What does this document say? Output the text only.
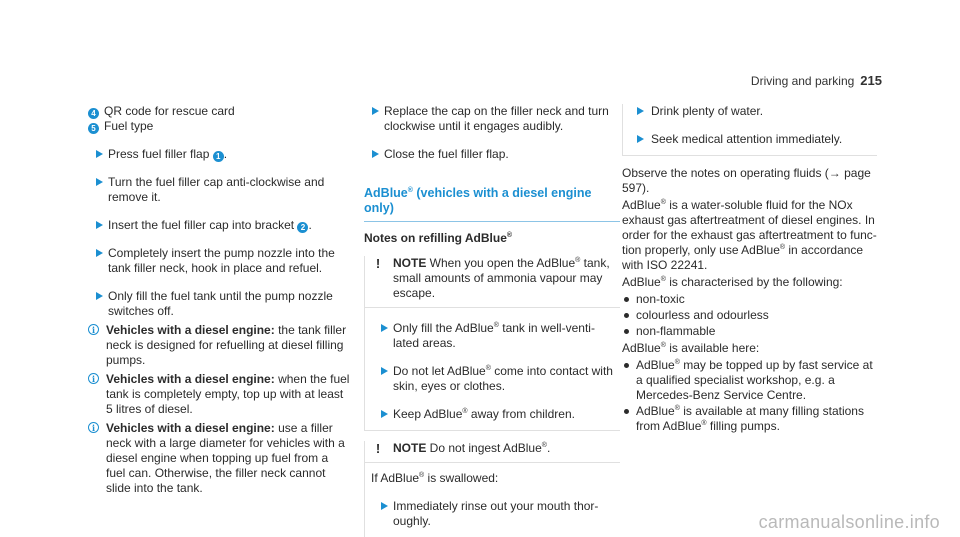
Driving and parking 215
4 QR code for rescue card
5 Fuel type
Press fuel filler flap 1 .
Turn the fuel filler cap anti-clockwise and remove it.
Insert the fuel filler cap into bracket 2 .
Completely insert the pump nozzle into the tank filler neck, hook in place and refuel.
Only fill the fuel tank until the pump nozzle switches off.
i Vehicles with a diesel engine: the tank filler neck is designed for refuelling at diesel filling pumps.
i Vehicles with a diesel engine: when the fuel tank is completely empty, top up with at least 5 litres of diesel.
i Vehicles with a diesel engine: use a filler neck with a large diameter for vehicles with a diesel engine when topping up fuel from a fuel can. Otherwise, the filler neck cannot slide into the tank.
Replace the cap on the filler neck and turn clockwise until it engages audibly.
Close the fuel filler flap.
AdBlue® (vehicles with a diesel engine only)
Notes on refilling AdBlue®
!	NOTE When you open the AdBlue® tank, small amounts of ammonia vapour may escape.
Only fill the AdBlue® tank in well-venti-lated areas.
Do not let AdBlue® come into contact with skin, eyes or clothes.
Keep AdBlue® away from children.
!	NOTE Do not ingest AdBlue®.
If AdBlue® is swallowed:
Immediately rinse out your mouth thor-oughly.
Drink plenty of water.
Seek medical attention immediately.
Observe the notes on operating fluids (→ page 597).
AdBlue® is a water-soluble fluid for the NOx exhaust gas aftertreatment of diesel engines. In order for the exhaust gas aftertreatment to func-tion properly, only use AdBlue® in accordance with ISO 22241.
AdBlue® is characterised by the following:
non-toxic
colourless and odourless
non-flammable
AdBlue® is available here:
AdBlue® may be topped up by fast service at a qualified specialist workshop, e.g. a Mercedes-Benz Service Centre.
AdBlue® is available at many filling stations from AdBlue® filling pumps.
carmanualsonline.info
